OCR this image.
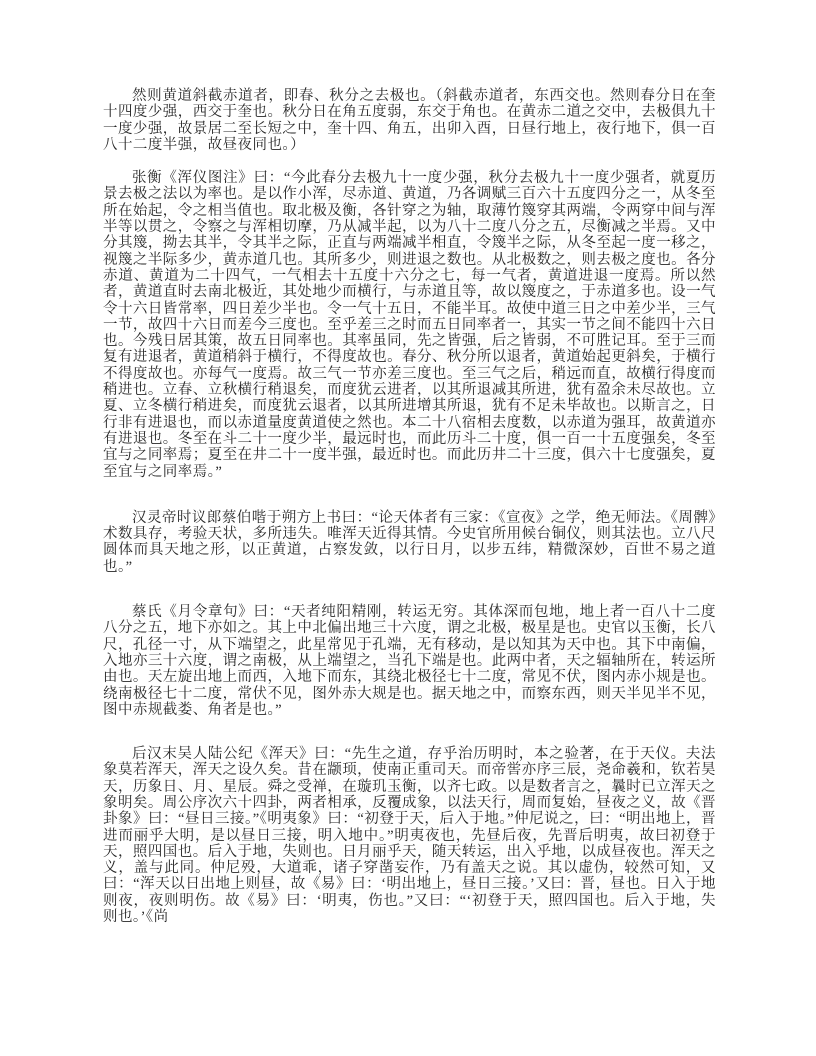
然则黄道斜截赤道者，即春、秋分之去极也。（斜截赤道者，东西交也。然则春分日在奎十四度少强，西交于奎也。秋分日在角五度弱，东交于角也。在黄赤二道之交中，去极俱九十一度少强，故景居二至长短之中，奎十四、角五，出卯入酉，日昼行地上，夜行地下，俱一百八十二度半强，故昼夜同也。）

张衡《浑仪图注》曰：“今此春分去极九十一度少强，秋分去极九十一度少强者，就夏历景去极之法以为率也。是以作小浑，尽赤道、黄道，乃各调赋三百六十五度四分之一，从冬至所在始起，令之相当值也。取北极及衡，各针穿之为轴，取薄竹篾穿其两端，令两穿中间与浑半等以贯之，令察之与浑相切摩，乃从减半起，以为八十二度八分之五，尽衡减之半焉。又中分其篾，拗去其半，令其半之际，正直与两端减半相直，令篾半之际，从冬至起一度一移之，视篾之半际多少，黄赤道几也。其所多少，则进退之数也。从北极数之，则去极之度也。各分赤道、黄道为二十四气，一气相去十五度十六分之七，每一气者，黄道进退一度焉。所以然者，黄道直时去南北极近，其处地少而横行，与赤道且等，故以篾度之，于赤道多也。设一气令十六日皆常率，四日差少半也。令一气十五日，不能半耳。故使中道三日之中差少半，三气一节，故四十六日而差今三度也。至乎差三之时而五日同率者一，其实一节之间不能四十六日也。今残日居其策，故五日同率也。其率虽同，先之皆强，后之皆弱，不可胜记耳。至于三而复有进退者，黄道稍斜于横行，不得度故也。春分、秋分所以退者，黄道始起更斜矣，于横行不得度故也。亦每气一度焉。故三气一节亦差三度也。至三气之后，稍远而直，故横行得度而稍进也。立春、立秋横行稍退矣，而度犹云进者，以其所退减其所进，犹有盈余未尽故也。立夏、立冬横行稍进矣，而度犹云退者，以其所进增其所退，犹有不足未毕故也。以斯言之，日行非有进退也，而以赤道量度黄道使之然也。本二十八宿相去度数，以赤道为强耳，故黄道亦有进退也。冬至在斗二十一度少半，最远时也，而此历斗二十度，俱一百一十五度强矣，冬至宜与之同率焉；夏至在井二十一度半强，最近时也。而此历井二十三度，俱六十七度强矣，夏至宜与之同率焉。”

汉灵帝时议郎蔡伯喈于朔方上书曰：“论天体者有三家：《宣夜》之学，绝无师法。《周髀》术数具存，考验天状，多所违失。唯浑天近得其情。今史官所用候台铜仪，则其法也。立八尺圆体而具天地之形，以正黄道，占察发敛，以行日月，以步五纬，精微深妙，百世不易之道也。”

蔡氏《月令章句》曰：“天者纯阳精刚，转运无穷。其体深而包地，地上者一百八十二度八分之五，地下亦如之。其上中北偏出地三十六度，谓之北极，极星是也。史官以玉衡，长八尺，孔径一寸，从下端望之，此星常见于孔端，无有移动，是以知其为天中也。其下中南偏，入地亦三十六度，谓之南极，从上端望之，当孔下端是也。此两中者，天之辐轴所在，转运所由也。天左旋出地上而西，入地下而东，其绕北极径七十二度，常见不伏，图内赤小规是也。绕南极径七十二度，常伏不见，图外赤大规是也。据天地之中，而察东西，则天半见半不见，图中赤规截娄、角者是也。”

后汉末吴人陆公纪《浑天》曰：“先生之道，存乎治历明时，本之验著，在于天仪。夫法象莫若浑天，浑天之设久矣。昔在颛顼，使南正重司天。而帝喾亦序三辰，尧命羲和，钦若昊天，历象日、月、星辰。舜之受禅，在璇玑玉衡，以齐七政。以是数者言之，曩时已立浑天之象明矣。周公序次六十四卦，两者相承，反覆成象，以法天行，周而复始，昼夜之义，故《晋卦象》曰：“昼日三接。”《明夷象》曰：“初登于天，后入于地。”仲尼说之，曰：“明出地上，晋进而丽乎大明，是以昼日三接，明入地中。”明夷夜也，先昼后夜，先晋后明夷，故曰初登于天，照四国也。后入于地，失则也。日月丽乎天，随天转运，出入乎地，以成昼夜也。浑天之义，盖与此同。仲尼殁，大道乖，诸子穿凿妄作，乃有盖天之说。其以虚伪，较然可知，又曰：“浑天以日出地上则昼，故《易》曰：‘明出地上，昼日三接。’又曰：晋，昼也。日入于地则夜，夜则明伤。故《易》曰：‘明夷，伤也。”又曰：“‘初登于天，照四国也。后入于地，失则也。’《尚
